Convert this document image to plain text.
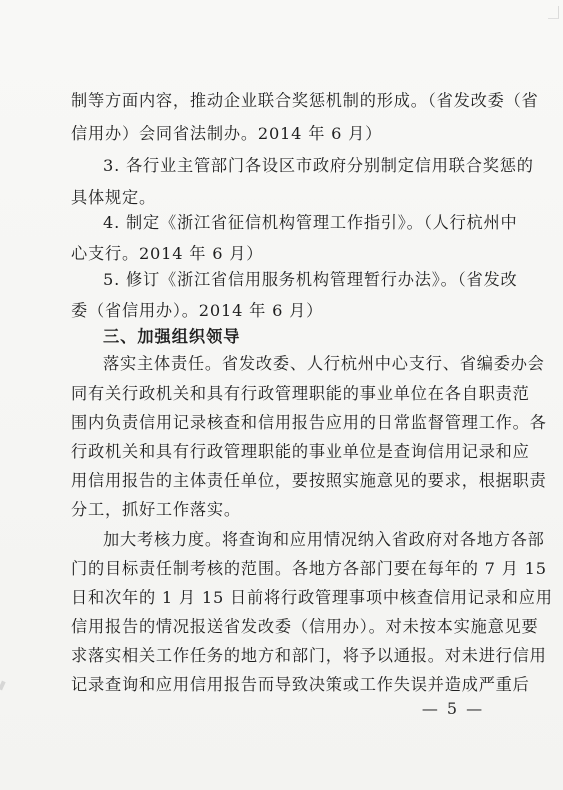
制等方面内容，推动企业联合奖惩机制的形成。（省发改委（省
信用办）会同省法制办。2014 年 6 月）
3. 各行业主管部门各设区市政府分别制定信用联合奖惩的
具体规定。
4. 制定《浙江省征信机构管理工作指引》。（人行杭州中
心支行。2014 年 6 月）
5. 修订《浙江省信用服务机构管理暂行办法》。（省发改
委（省信用办）。2014 年 6 月）
三、加强组织领导
落实主体责任。省发改委、人行杭州中心支行、省编委办会
同有关行政机关和具有行政管理职能的事业单位在各自职责范
围内负责信用记录核查和信用报告应用的日常监督管理工作。各
行政机关和具有行政管理职能的事业单位是查询信用记录和应
用信用报告的主体责任单位，要按照实施意见的要求，根据职责
分工，抓好工作落实。
加大考核力度。将查询和应用情况纳入省政府对各地方各部
门的目标责任制考核的范围。各地方各部门要在每年的 7 月 15
日和次年的 1 月 15 日前将行政管理事项中核查信用记录和应用
信用报告的情况报送省发改委（信用办）。对未按本实施意见要
求落实相关工作任务的地方和部门，将予以通报。对未进行信用
记录查询和应用信用报告而导致决策或工作失误并造成严重后
— 5 —
